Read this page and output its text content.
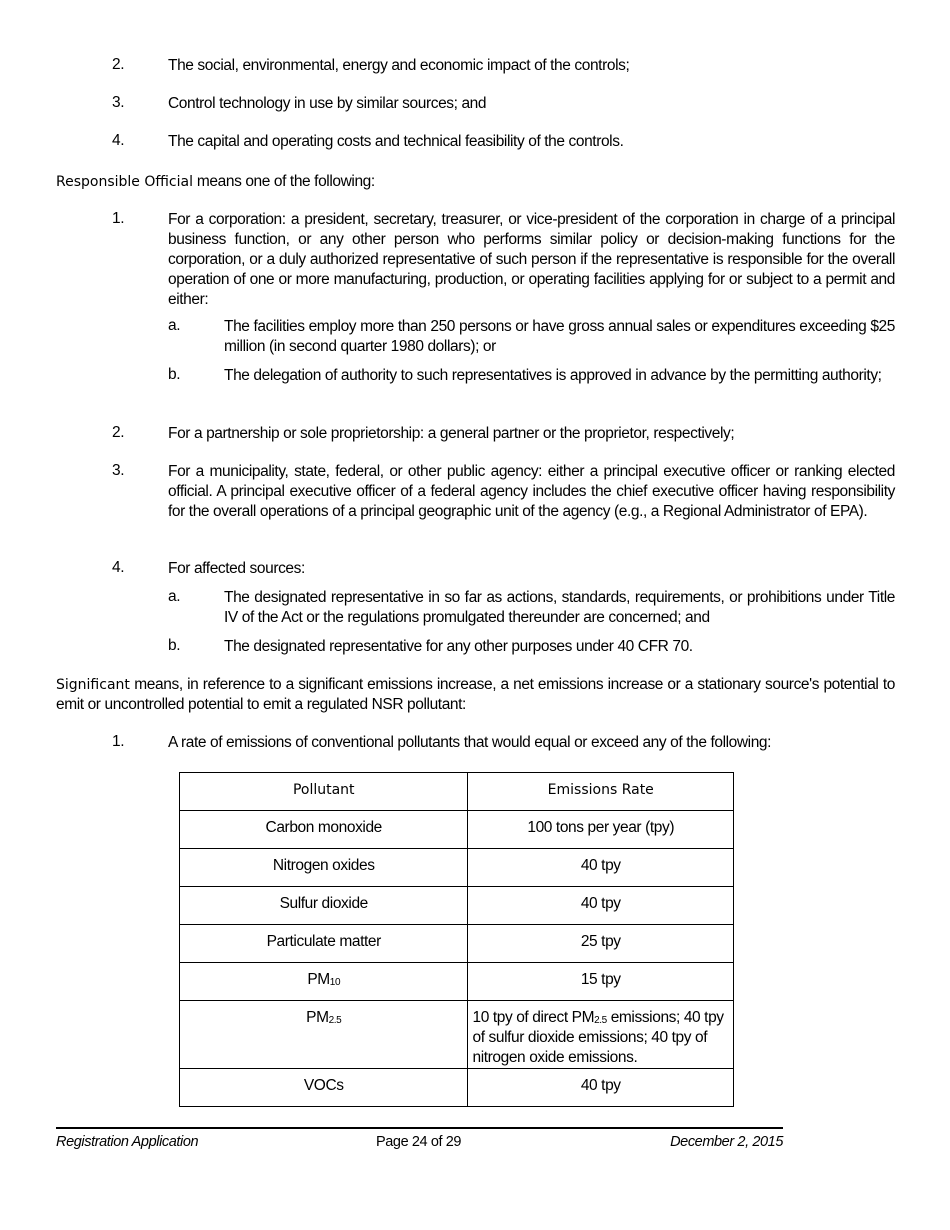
2.	The social, environmental, energy and economic impact of the controls;
3.	Control technology in use by similar sources; and
4.	The capital and operating costs and technical feasibility of the controls.
Responsible Official means one of the following:
1.	For a corporation: a president, secretary, treasurer, or vice-president of the corporation in charge of a principal business function, or any other person who performs similar policy or decision-making functions for the corporation, or a duly authorized representative of such person if the representative is responsible for the overall operation of one or more manufacturing, production, or operating facilities applying for or subject to a permit and either:
a.	The facilities employ more than 250 persons or have gross annual sales or expenditures exceeding $25 million (in second quarter 1980 dollars); or
b.	The delegation of authority to such representatives is approved in advance by the permitting authority;
2.	For a partnership or sole proprietorship: a general partner or the proprietor, respectively;
3.	For a municipality, state, federal, or other public agency: either a principal executive officer or ranking elected official. A principal executive officer of a federal agency includes the chief executive officer having responsibility for the overall operations of a principal geographic unit of the agency (e.g., a Regional Administrator of EPA).
4.	For affected sources:
a.	The designated representative in so far as actions, standards, requirements, or prohibitions under Title IV of the Act or the regulations promulgated thereunder are concerned; and
b.	The designated representative for any other purposes under 40 CFR 70.
Significant means, in reference to a significant emissions increase, a net emissions increase or a stationary source's potential to emit or uncontrolled potential to emit a regulated NSR pollutant:
1.	A rate of emissions of conventional pollutants that would equal or exceed any of the following:
Pollutant	Emissions Rate
Carbon monoxide	100 tons per year (tpy)
Nitrogen oxides	40 tpy
Sulfur dioxide	40 tpy
Particulate matter	25 tpy
$PM_{10}$	15 tpy
$PM_{2.5}$	10 tpy of direct $PM_{2.5}$ emissions; 40 tpy of sulfur dioxide emissions; 40 tpy of nitrogen oxide emissions.
VOCs	40 tpy
Registration Application	Page 24 of 29	December 2, 2015
